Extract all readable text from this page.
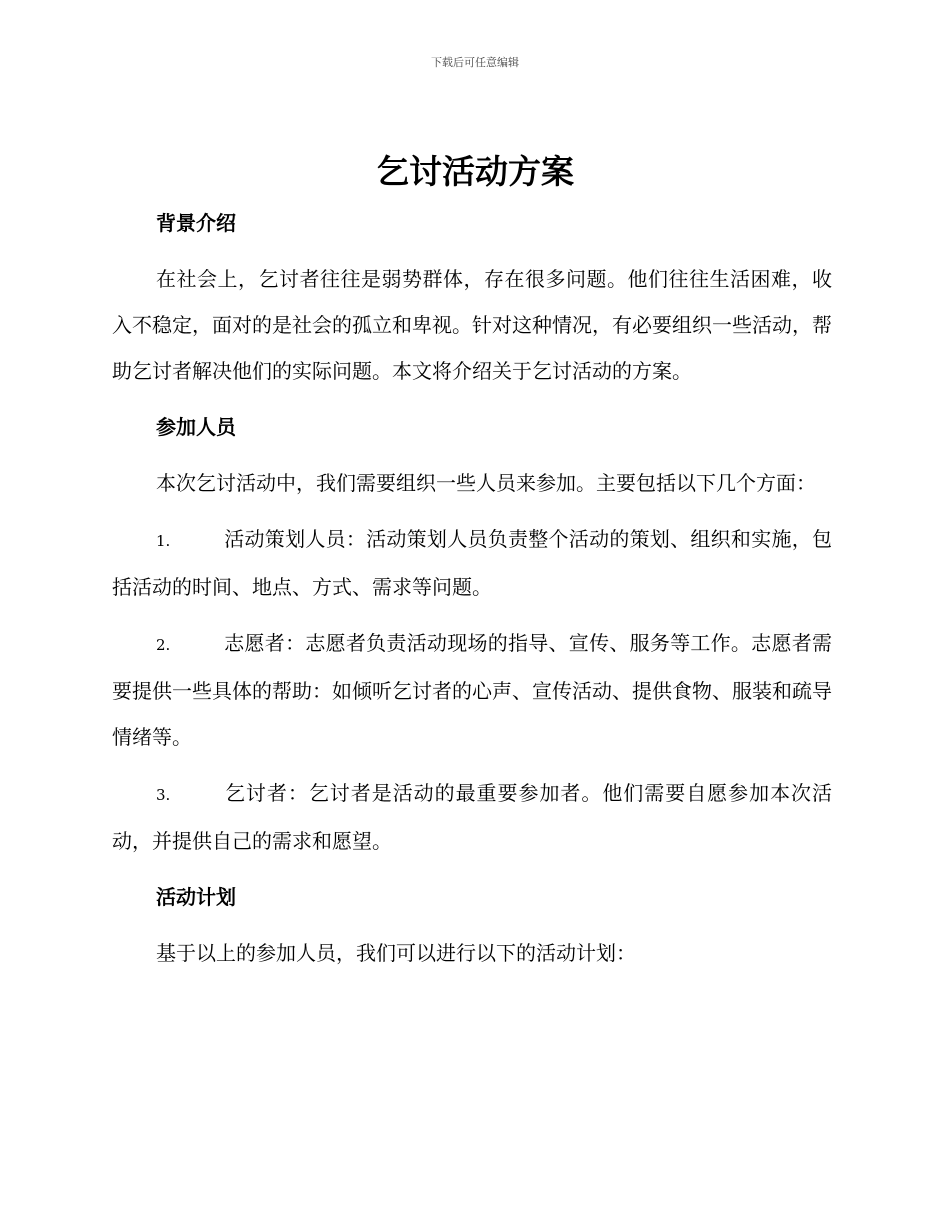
下载后可任意编辑
乞讨活动方案
背景介绍

在社会上，乞讨者往往是弱势群体，存在很多问题。他们往往生活困难，收入不稳定，面对的是社会的孤立和卑视。针对这种情况，有必要组织一些活动，帮助乞讨者解决他们的实际问题。本文将介绍关于乞讨活动的方案。

参加人员

本次乞讨活动中，我们需要组织一些人员来参加。主要包括以下几个方面：

1.	活动策划人员：活动策划人员负责整个活动的策划、组织和实施，包括活动的时间、地点、方式、需求等问题。

2.	志愿者：志愿者负责活动现场的指导、宣传、服务等工作。志愿者需要提供一些具体的帮助：如倾听乞讨者的心声、宣传活动、提供食物、服装和疏导情绪等。

3.	乞讨者：乞讨者是活动的最重要参加者。他们需要自愿参加本次活动，并提供自己的需求和愿望。

活动计划

基于以上的参加人员，我们可以进行以下的活动计划：
